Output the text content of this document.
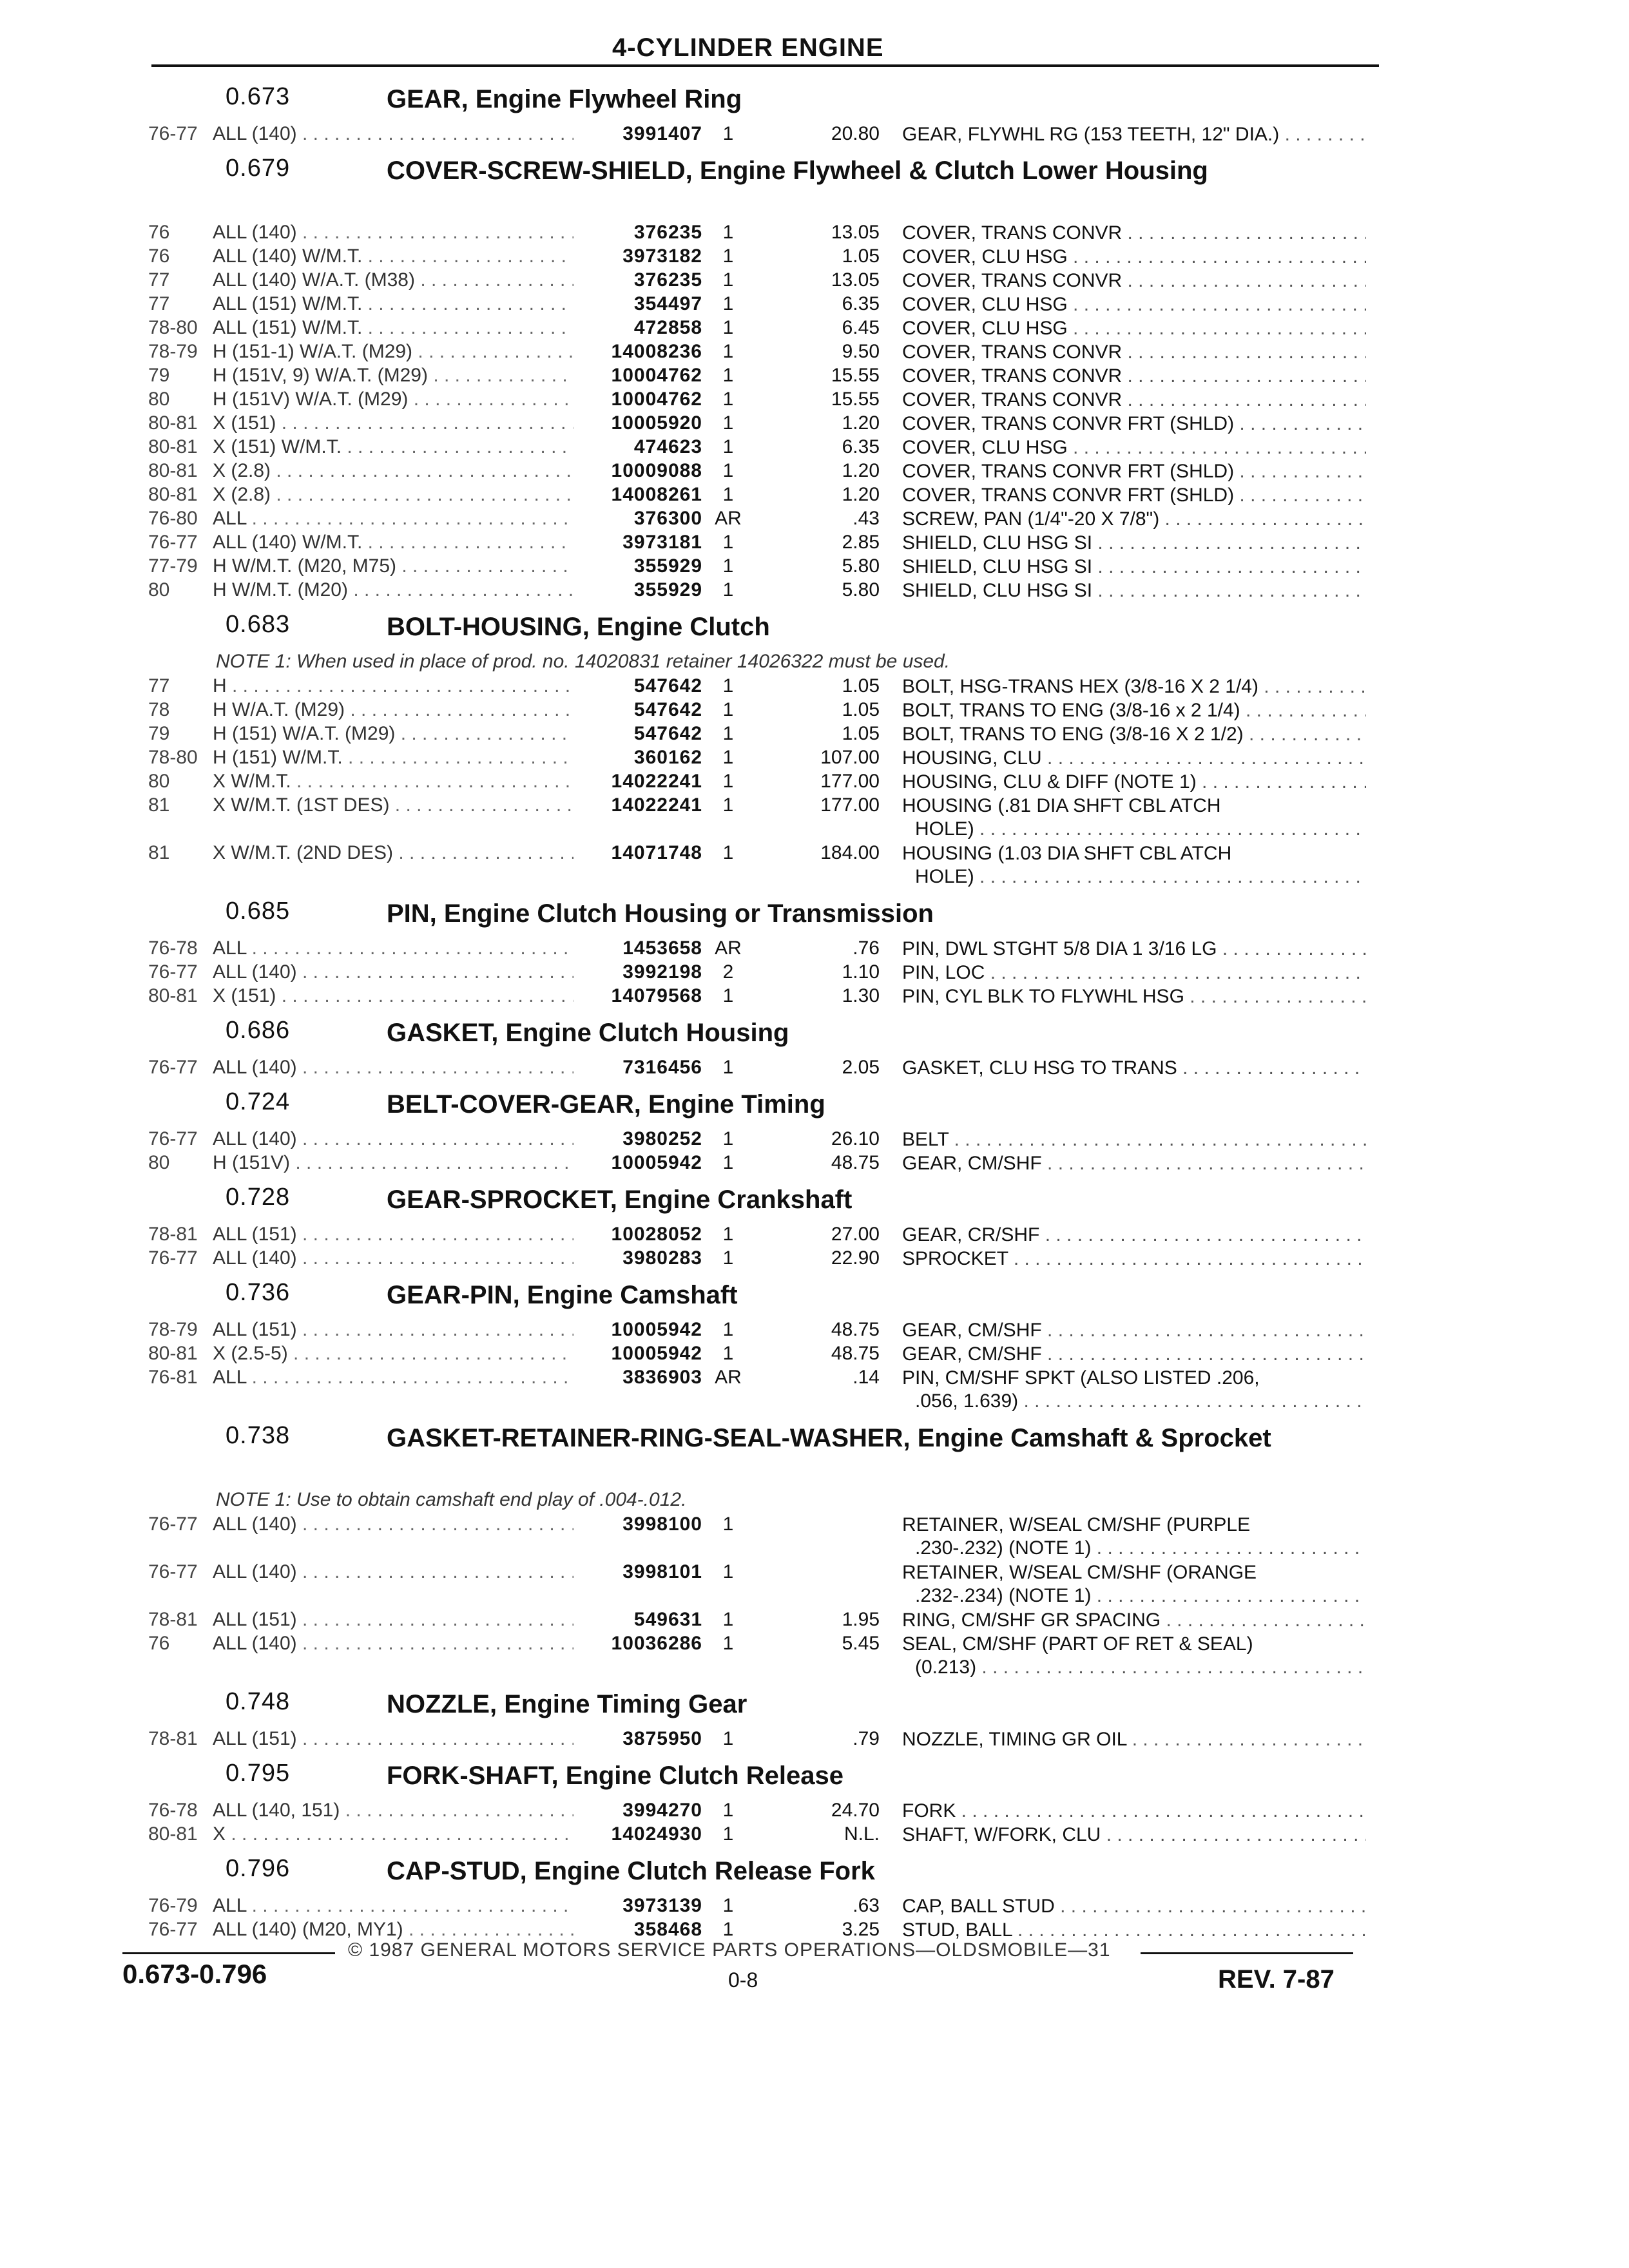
4-CYLINDER ENGINE
0.673	GEAR, Engine Flywheel Ring
76-77 ALL (140) . . .	3991407	1	20.80 GEAR, FLYWHL RG (153 TEETH, 12" DIA.) . . .
0.679	COVER-SCREW-SHIELD, Engine Flywheel & Clutch Lower Housing
76	ALL (140) . . .	376235	1	13.05 COVER, TRANS CONVR . . .
76	ALL (140) W/M.T. . . .	3973182	1	1.05 COVER, CLU HSG . . .
77	ALL (140) W/A.T. (M38) . . .	376235	1	13.05 COVER, TRANS CONVR . . .
77	ALL (151) W/M.T. . . .	354497	1	6.35 COVER, CLU HSG . . .
78-80 ALL (151) W/M.T. . . .	472858	1	6.45 COVER, CLU HSG . . .
78-79 H (151-1) W/A.T. (M29) . . .	14008236	1	9.50 COVER, TRANS CONVR . . .
79	H (151V, 9) W/A.T. (M29) . . .	10004762	1	15.55 COVER, TRANS CONVR . . .
80	H (151V) W/A.T. (M29) . . .	10004762	1	15.55 COVER, TRANS CONVR . . .
80-81 X (151) . . .	10005920	1	1.20 COVER, TRANS CONVR FRT (SHLD) . . .
80-81 X (151) W/M.T. . . .	474623	1	6.35 COVER, CLU HSG . . .
80-81 X (2.8) . . .	10009088	1	1.20 COVER, TRANS CONVR FRT (SHLD) . . .
80-81 X (2.8) . . .	14008261	1	1.20 COVER, TRANS CONVR FRT (SHLD) . . .
76-80 ALL . . .	376300 AR	.43 SCREW, PAN (1/4"-20 X 7/8") . . .
76-77 ALL (140) W/M.T. . . .	3973181	1	2.85 SHIELD, CLU HSG SI . . .
77-79 H W/M.T. (M20, M75) . . .	355929	1	5.80 SHIELD, CLU HSG SI . . .
80	H W/M.T. (M20) . . .	355929	1	5.80 SHIELD, CLU HSG SI . . .
0.683	BOLT-HOUSING, Engine Clutch
NOTE 1: When used in place of prod. no. 14020831 retainer 14026322 must be used.
77	H . . .	547642	1	1.05 BOLT, HSG-TRANS HEX (3/8-16 X 2 1/4) . . .
78	H W/A.T. (M29) . . .	547642	1	1.05 BOLT, TRANS TO ENG (3/8-16 x 2 1/4) . . .
79	H (151) W/A.T. (M29) . . .	547642	1	1.05 BOLT, TRANS TO ENG (3/8-16 X 2 1/2) . . .
78-80 H (151) W/M.T. . . .	360162	1	107.00 HOUSING, CLU . . .
80	X W/M.T. . . .	14022241	1	177.00 HOUSING, CLU & DIFF (NOTE 1) . . .
81	X W/M.T. (1ST DES) . . .	14022241	1	177.00 HOUSING (.81 DIA SHFT CBL ATCH
HOLE) . . .
81	X W/M.T. (2ND DES) . . .	14071748	1	184.00 HOUSING (1.03 DIA SHFT CBL ATCH
HOLE) . . .
0.685	PIN, Engine Clutch Housing or Transmission
76-78 ALL . . .	1453658 AR	.76 PIN, DWL STGHT 5/8 DIA 1 3/16 LG . . .
76-77 ALL (140) . . .	3992198	2	1.10 PIN, LOC . . .
80-81 X (151) . . .	14079568	1	1.30 PIN, CYL BLK TO FLYWHL HSG . . .
0.686	GASKET, Engine Clutch Housing
76-77 ALL (140) . . .	7316456	1	2.05 GASKET, CLU HSG TO TRANS . . .
0.724	BELT-COVER-GEAR, Engine Timing
76-77 ALL (140) . . .	3980252	1	26.10 BELT . . .
80	H (151V) . . .	10005942	1	48.75 GEAR, CM/SHF . . .
0.728	GEAR-SPROCKET, Engine Crankshaft
78-81 ALL (151) . . .	10028052	1	27.00 GEAR, CR/SHF . . .
76-77 ALL (140) . . .	3980283	1	22.90 SPROCKET . . .
0.736	GEAR-PIN, Engine Camshaft
78-79 ALL (151) . . .	10005942	1	48.75 GEAR, CM/SHF . . .
80-81 X (2.5-5) . . .	10005942	1	48.75 GEAR, CM/SHF . . .
76-81 ALL . . .	3836903 AR	.14 PIN, CM/SHF SPKT (ALSO LISTED .206,
.056, 1.639) . . .
0.738	GASKET-RETAINER-RING-SEAL-WASHER, Engine Camshaft & Sprocket
NOTE 1: Use to obtain camshaft end play of .004-.012.
76-77 ALL (140) . . .	3998100	1	RETAINER, W/SEAL CM/SHF (PURPLE
.230-.232) (NOTE 1) . . .
76-77 ALL (140) . . .	3998101	1	RETAINER, W/SEAL CM/SHF (ORANGE
.232-.234) (NOTE 1) . . .
78-81 ALL (151) . . .	549631	1	1.95 RING, CM/SHF GR SPACING . . .
76	ALL (140) . . .	10036286	1	5.45 SEAL, CM/SHF (PART OF RET & SEAL)
(0.213) . . .
0.748	NOZZLE, Engine Timing Gear
78-81 ALL (151) . . .	3875950	1	.79 NOZZLE, TIMING GR OIL . . .
0.795	FORK-SHAFT, Engine Clutch Release
76-78 ALL (140, 151) . . .	3994270	1	24.70 FORK . . .
80-81 X . . .	14024930	1	N.L. SHAFT, W/FORK, CLU . . .
0.796	CAP-STUD, Engine Clutch Release Fork
76-79 ALL . . .	3973139	1	.63 CAP, BALL STUD . . .
76-77 ALL (140) (M20, MY1) . . .	358468	1	3.25 STUD, BALL . . .
© 1987 GENERAL MOTORS SERVICE PARTS OPERATIONS—OLDSMOBILE—31
0.673-0.796	0-8	REV. 7-87
